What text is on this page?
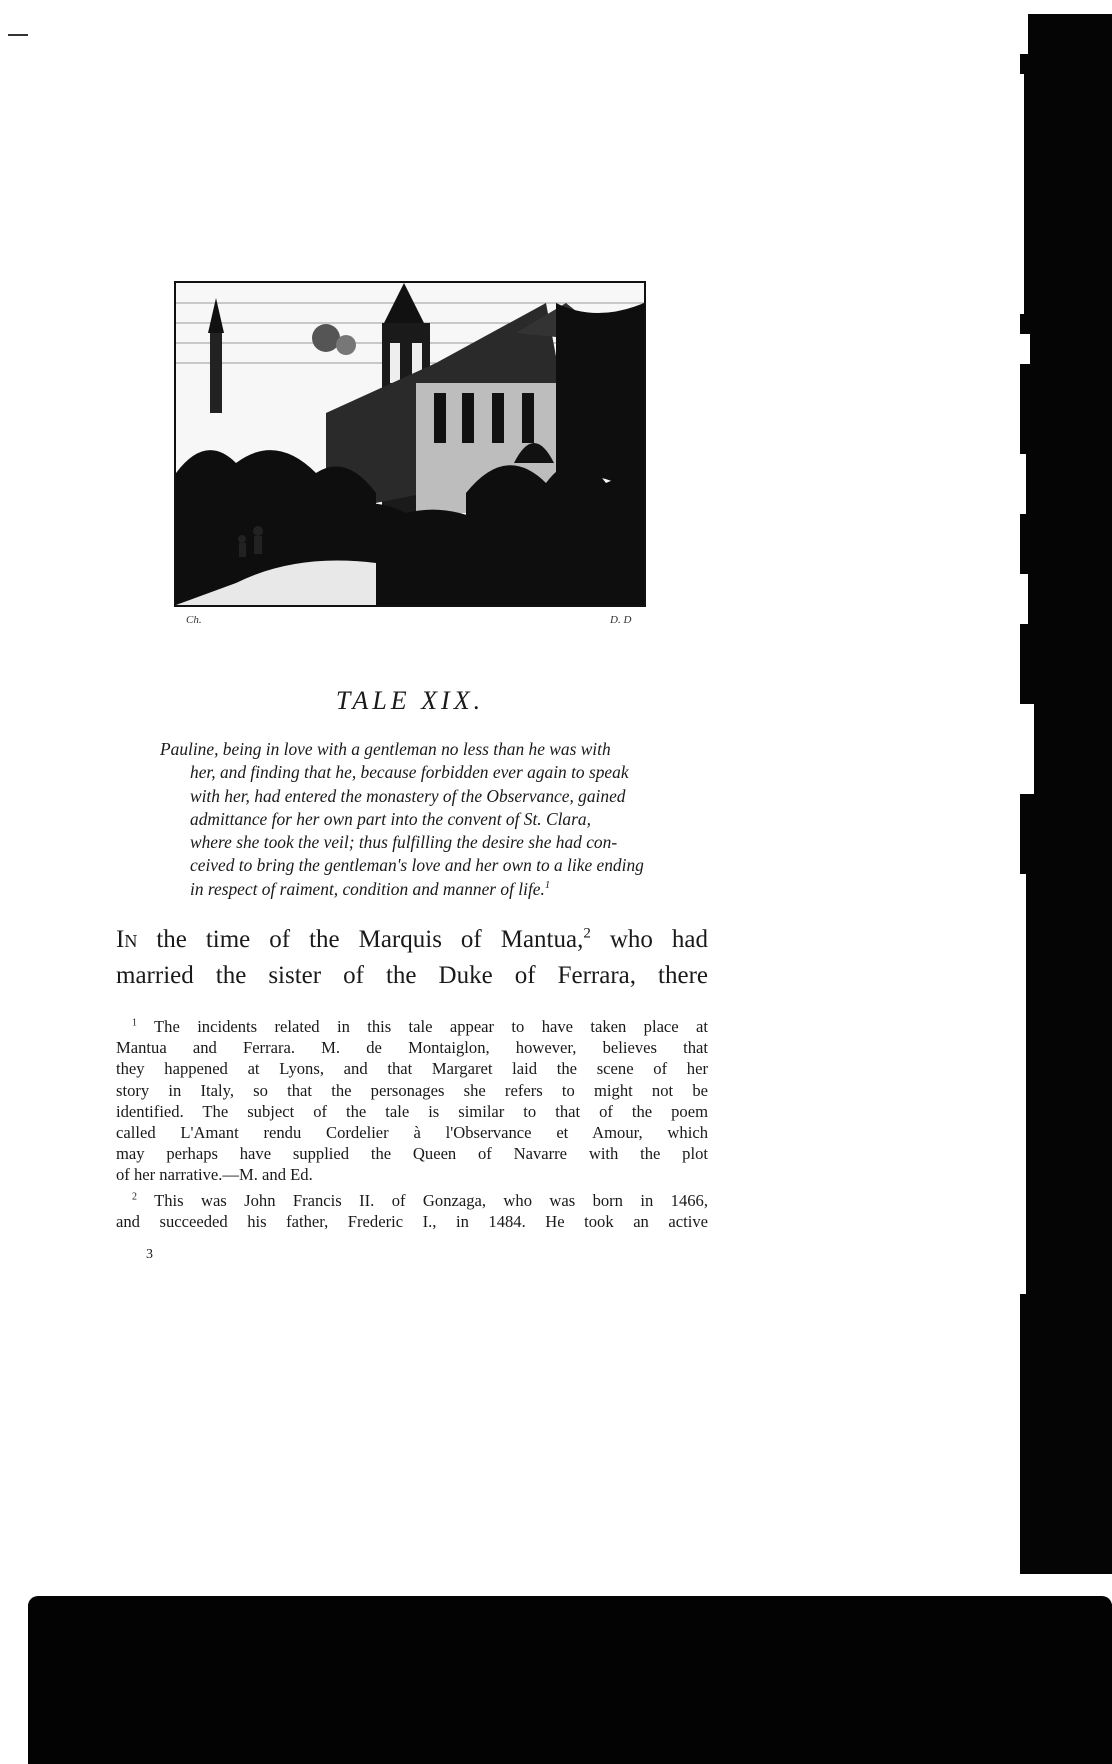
Ch.	D. D
TALE XIX.
Pauline, being in love with a gentleman no less than he was with
her, and finding that he, because forbidden ever again to speak
with her, had entered the monastery of the Observance, gained
admittance for her own part into the convent of St. Clara,
where she took the veil; thus fulfilling the desire she had con-
ceived to bring the gentleman's love and her own to a like ending
in respect of raiment, condition and manner of life.$^1$
In the time of the Marquis of Mantua,$^2$ who had
married the sister of the Duke of Ferrara, there
$^1$ The incidents related in this tale appear to have taken place at
Mantua and Ferrara. M. de Montaiglon, however, believes that
they happened at Lyons, and that Margaret laid the scene of her
story in Italy, so that the personages she refers to might not be
identified. The subject of the tale is similar to that of the poem
called L'Amant rendu Cordelier à l'Observance et Amour, which
may perhaps have supplied the Queen of Navarre with the plot
of her narrative.—M. and Ed.
$^2$ This was John Francis II. of Gonzaga, who was born in 1466,
and succeeded his father, Frederic I., in 1484. He took an active
3
